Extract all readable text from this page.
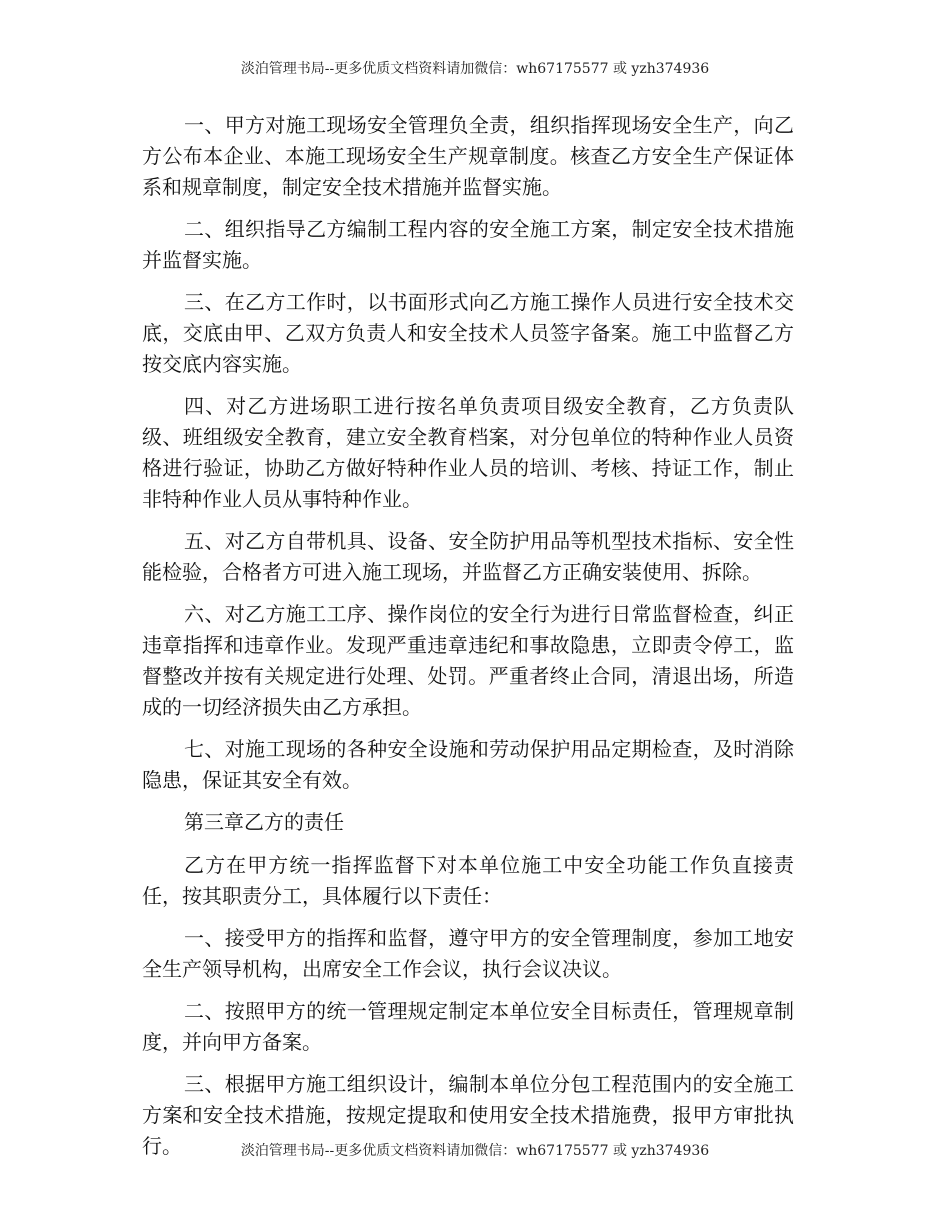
淡泊管理书局--更多优质文档资料请加微信：wh67175577 或 yzh374936

一、甲方对施工现场安全管理负全责，组织指挥现场安全生产，向乙方公布本企业、本施工现场安全生产规章制度。核查乙方安全生产保证体系和规章制度，制定安全技术措施并监督实施。

二、组织指导乙方编制工程内容的安全施工方案，制定安全技术措施并监督实施。

三、在乙方工作时，以书面形式向乙方施工操作人员进行安全技术交底，交底由甲、乙双方负责人和安全技术人员签字备案。施工中监督乙方按交底内容实施。

四、对乙方进场职工进行按名单负责项目级安全教育，乙方负责队级、班组级安全教育，建立安全教育档案，对分包单位的特种作业人员资格进行验证，协助乙方做好特种作业人员的培训、考核、持证工作，制止非特种作业人员从事特种作业。

五、对乙方自带机具、设备、安全防护用品等机型技术指标、安全性能检验，合格者方可进入施工现场，并监督乙方正确安装使用、拆除。

六、对乙方施工工序、操作岗位的安全行为进行日常监督检查，纠正违章指挥和违章作业。发现严重违章违纪和事故隐患，立即责令停工，监督整改并按有关规定进行处理、处罚。严重者终止合同，清退出场，所造成的一切经济损失由乙方承担。

七、对施工现场的各种安全设施和劳动保护用品定期检查，及时消除隐患，保证其安全有效。

第三章乙方的责任

乙方在甲方统一指挥监督下对本单位施工中安全功能工作负直接责任，按其职责分工，具体履行以下责任：

一、接受甲方的指挥和监督，遵守甲方的安全管理制度，参加工地安全生产领导机构，出席安全工作会议，执行会议决议。

二、按照甲方的统一管理规定制定本单位安全目标责任，管理规章制度，并向甲方备案。

三、根据甲方施工组织设计，编制本单位分包工程范围内的安全施工方案和安全技术措施，按规定提取和使用安全技术措施费，报甲方审批执行。	淡泊管理书局--更多优质文档资料请加微信：wh67175577 或 yzh374936
